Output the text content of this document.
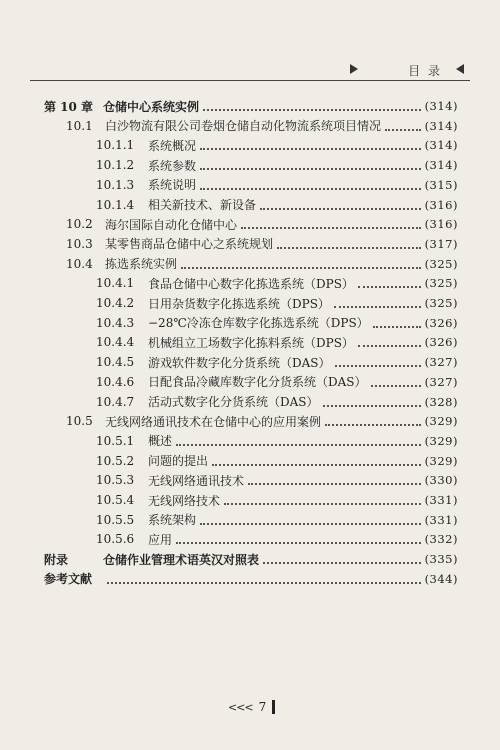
目 录
第 10 章 仓储中心系统实例	(314)
10.1	白沙物流有限公司卷烟仓储自动化物流系统项目情况	(314)
10.1.1	系统概况	(314)
10.1.2	系统参数	(314)
10.1.3	系统说明	(315)
10.1.4	相关新技术、新设备	(316)
10.2	海尔国际自动化仓储中心	(316)
10.3	某零售商品仓储中心之系统规划	(317)
10.4	拣选系统实例	(325)
10.4.1	食品仓储中心数字化拣选系统（DPS）	(325)
10.4.2	日用杂货数字化拣选系统（DPS）	(325)
10.4.3	−28℃冷冻仓库数字化拣选系统（DPS）	(326)
10.4.4	机械组立工场数字化拣料系统（DPS）	(326)
10.4.5	游戏软件数字化分货系统（DAS）	(327)
10.4.6	日配食品冷藏库数字化分货系统（DAS）	(327)
10.4.7	活动式数字化分货系统（DAS）	(328)
10.5	无线网络通讯技术在仓储中心的应用案例	(329)
10.5.1	概述	(329)
10.5.2	问题的提出	(329)
10.5.3	无线网络通讯技术	(330)
10.5.4	无线网络技术	(331)
10.5.5	系统架构	(331)
10.5.6	应用	(332)
附录	仓储作业管理术语英汉对照表	(335)
参考文献	(344)
<<< 7
